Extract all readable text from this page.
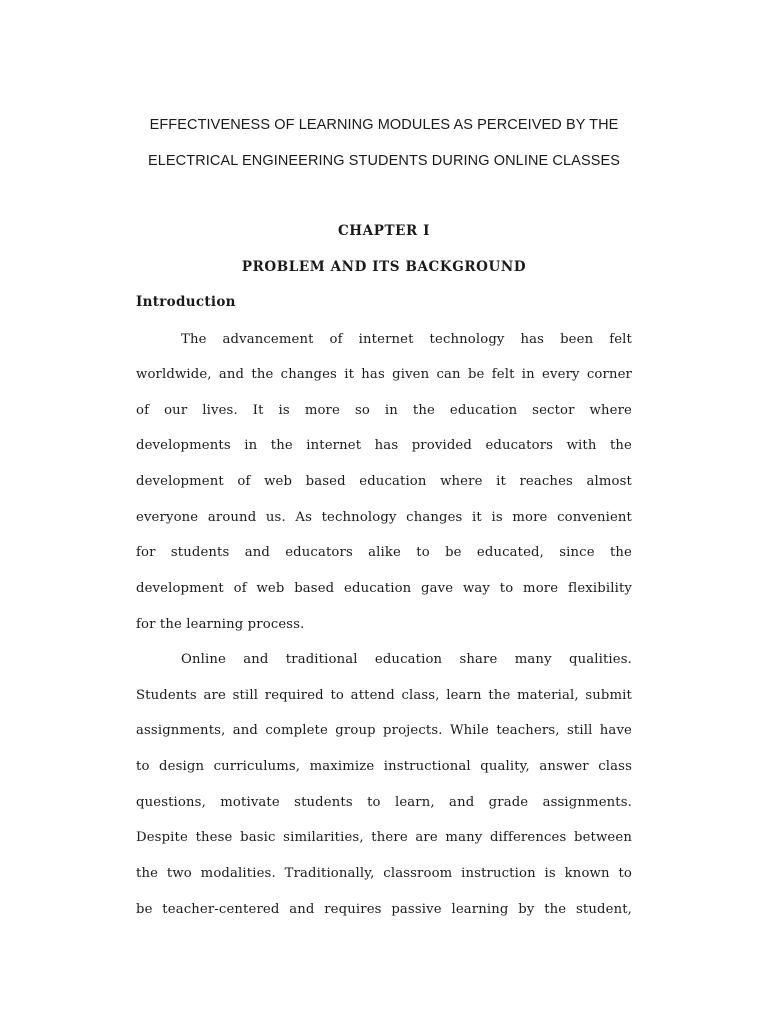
EFFECTIVENESS OF LEARNING MODULES AS PERCEIVED BY THE
ELECTRICAL ENGINEERING STUDENTS DURING ONLINE CLASSES
CHAPTER I
PROBLEM AND ITS BACKGROUND
Introduction
The advancement of internet technology has been felt
worldwide, and the changes it has given can be felt in every corner
of our lives. It is more so in the education sector where
developments in the internet has provided educators with the
development of web based education where it reaches almost
everyone around us. As technology changes it is more convenient
for students and educators alike to be educated, since the
development of web based education gave way to more flexibility
for the learning process.
Online and traditional education share many qualities.
Students are still required to attend class, learn the material, submit
assignments, and complete group projects. While teachers, still have
to design curriculums, maximize instructional quality, answer class
questions, motivate students to learn, and grade assignments.
Despite these basic similarities, there are many differences between
the two modalities. Traditionally, classroom instruction is known to
be teacher-centered and requires passive learning by the student,
